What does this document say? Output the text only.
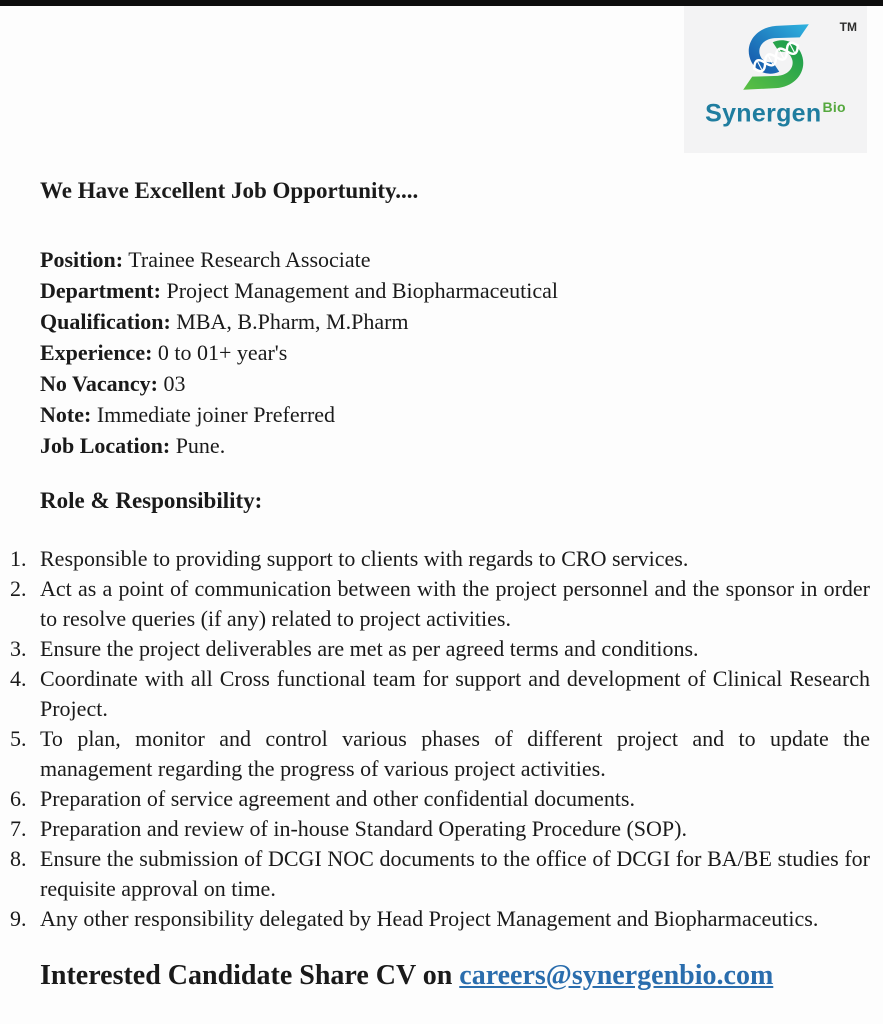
TM
Synergen$^{Bio}$
We Have Excellent Job Opportunity....
Position: Trainee Research Associate
Department: Project Management and Biopharmaceutical
Qualification: MBA, B.Pharm, M.Pharm
Experience: 0 to 01+ year's
No Vacancy: 03
Note: Immediate joiner Preferred
Job Location: Pune.
Role & Responsibility:
1. Responsible to providing support to clients with regards to CRO services.
2. Act as a point of communication between with the project personnel and the sponsor in order to resolve queries (if any) related to project activities.
3. Ensure the project deliverables are met as per agreed terms and conditions.
4. Coordinate with all Cross functional team for support and development of Clinical Research Project.
5. To plan, monitor and control various phases of different project and to update the management regarding the progress of various project activities.
6. Preparation of service agreement and other confidential documents.
7. Preparation and review of in-house Standard Operating Procedure (SOP).
8. Ensure the submission of DCGI NOC documents to the office of DCGI for BA/BE studies for requisite approval on time.
9. Any other responsibility delegated by Head Project Management and Biopharmaceutics.
Interested Candidate Share CV on careers@synergenbio.com
